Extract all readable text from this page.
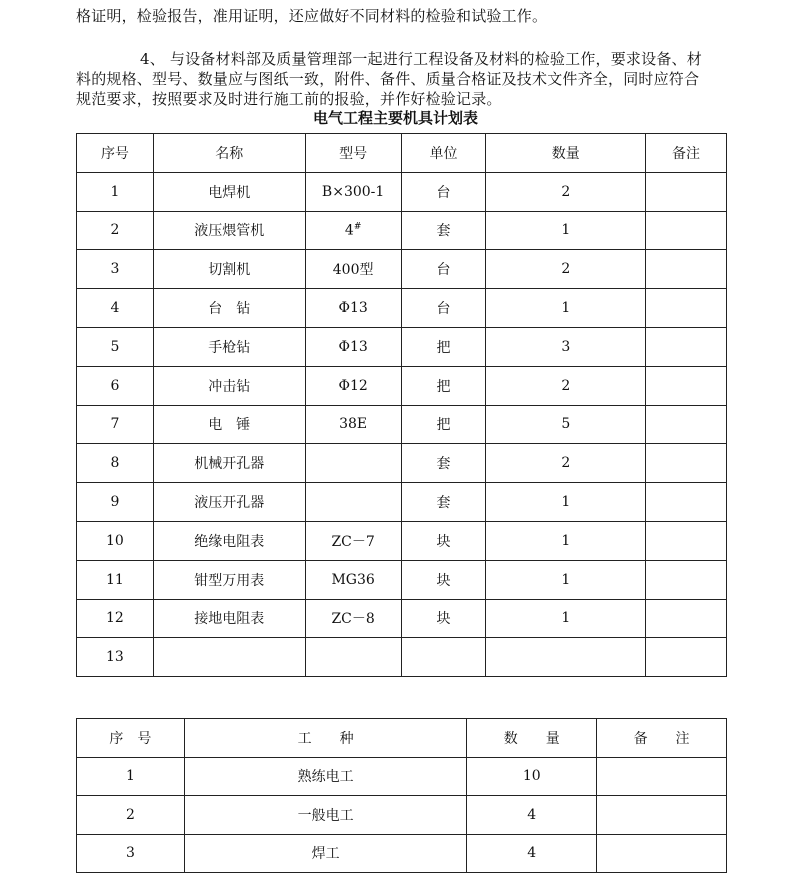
格证明，检验报告，准用证明，还应做好不同材料的检验和试验工作。
4、 与设备材料部及质量管理部一起进行工程设备及材料的检验工作，要求设备、材
料的规格、型号、数量应与图纸一致，附件、备件、质量合格证及技术文件齐全，同时应符合
规范要求，按照要求及时进行施工前的报验，并作好检验记录。
电气工程主要机具计划表
序号	名称	型号	单位	数量	备注
1	电焊机	B×300-1	台	2	
2	液压煨管机	4#	套	1	
3	切割机	400型	台	2	
4	台　钻	Φ13	台	1	
5	手枪钻	Φ13	把	3	
6	冲击钻	Φ12	把	2	
7	电　锤	38E	把	5	
8	机械开孔器		套	2	
9	液压开孔器		套	1	
10	绝缘电阻表	ZC－7	块	1	
11	钳型万用表	MG36	块	1	
12	接地电阻表	ZC－8	块	1	
13					
序　号	工　　种	数　　量	备　　注
1	熟练电工	10	
2	一般电工	4	
3	焊工	4	
